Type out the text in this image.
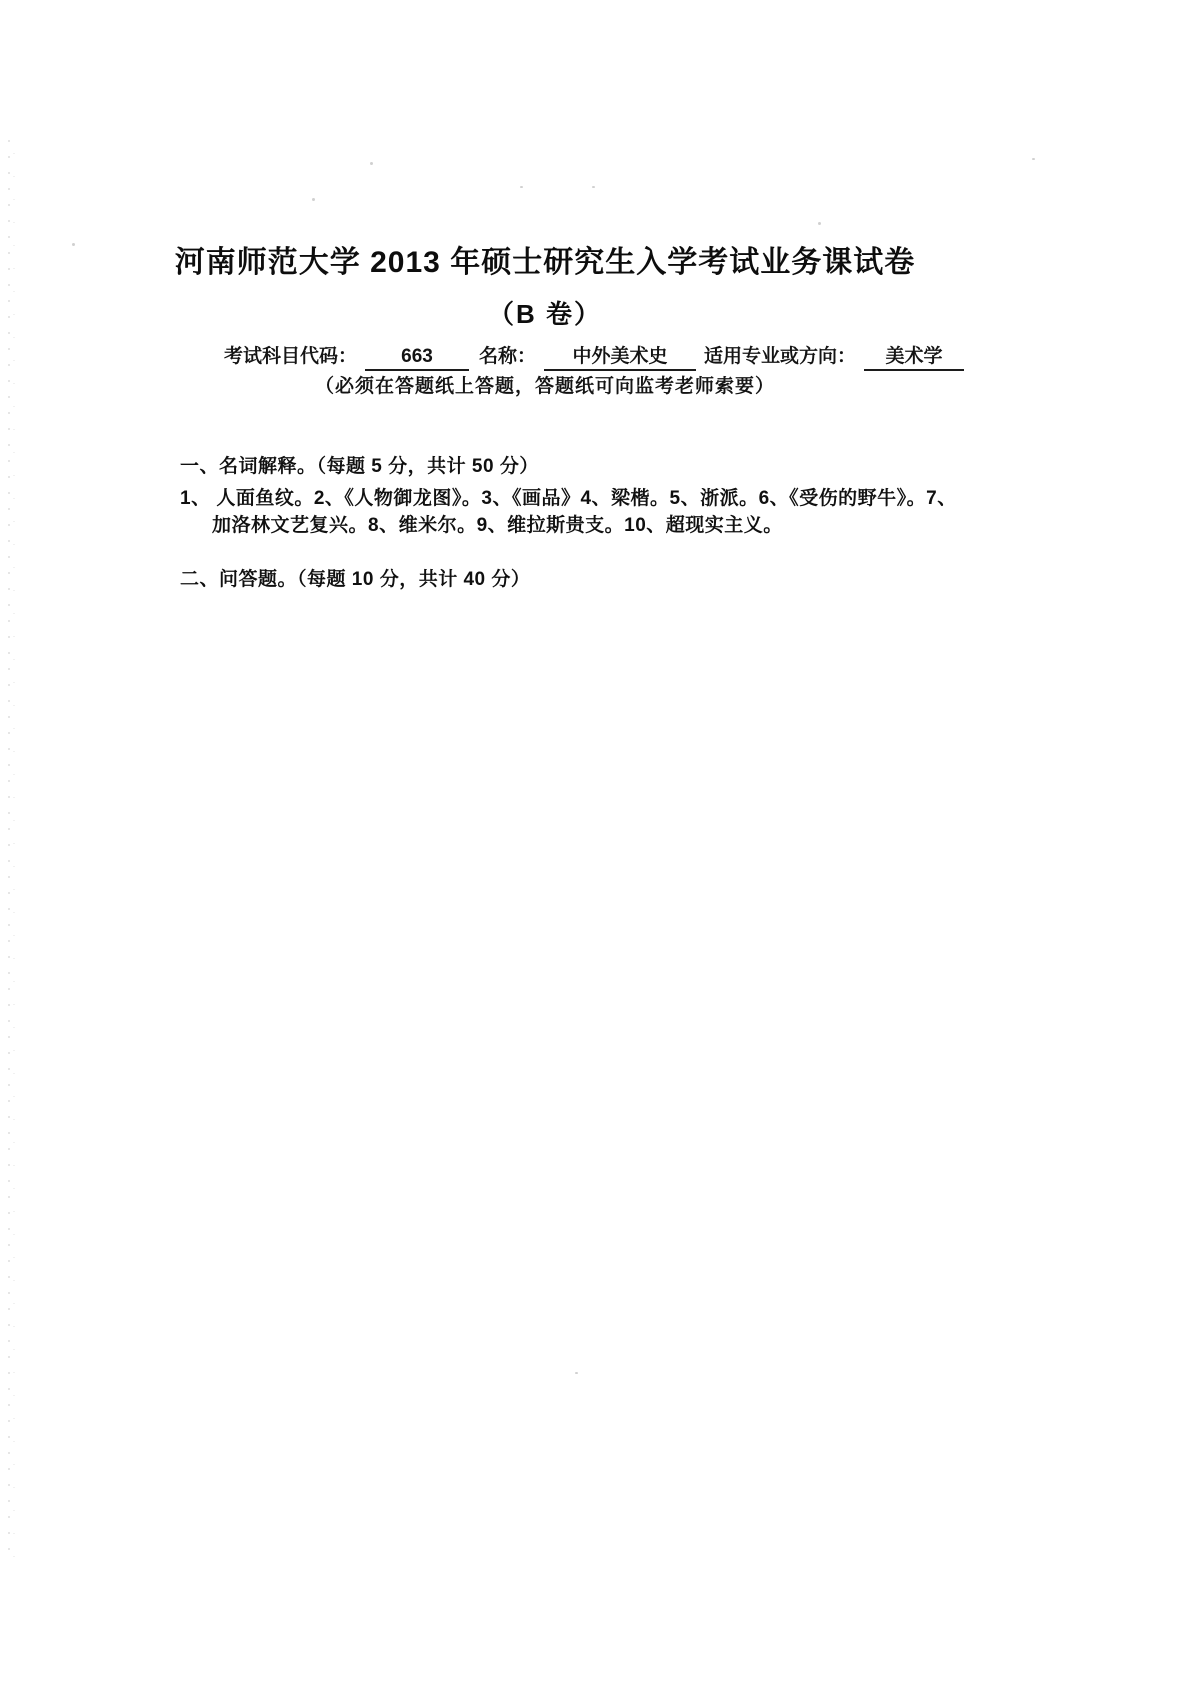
河南师范大学 2013 年硕士研究生入学考试业务课试卷
（B 卷）
考试科目代码： 663 名称： 中外美术史 适用专业或方向： 美术学
（必须在答题纸上答题，答题纸可向监考老师索要）
一、名词解释。（每题 5 分，共计 50 分）
1、 人面鱼纹。2、《人物御龙图》。3、《画品》4、梁楷。5、浙派。6、《受伤的野牛》。7、
加洛林文艺复兴。8、维米尔。9、维拉斯贵支。10、超现实主义。
二、问答题。（每题 10 分，共计 40 分）
